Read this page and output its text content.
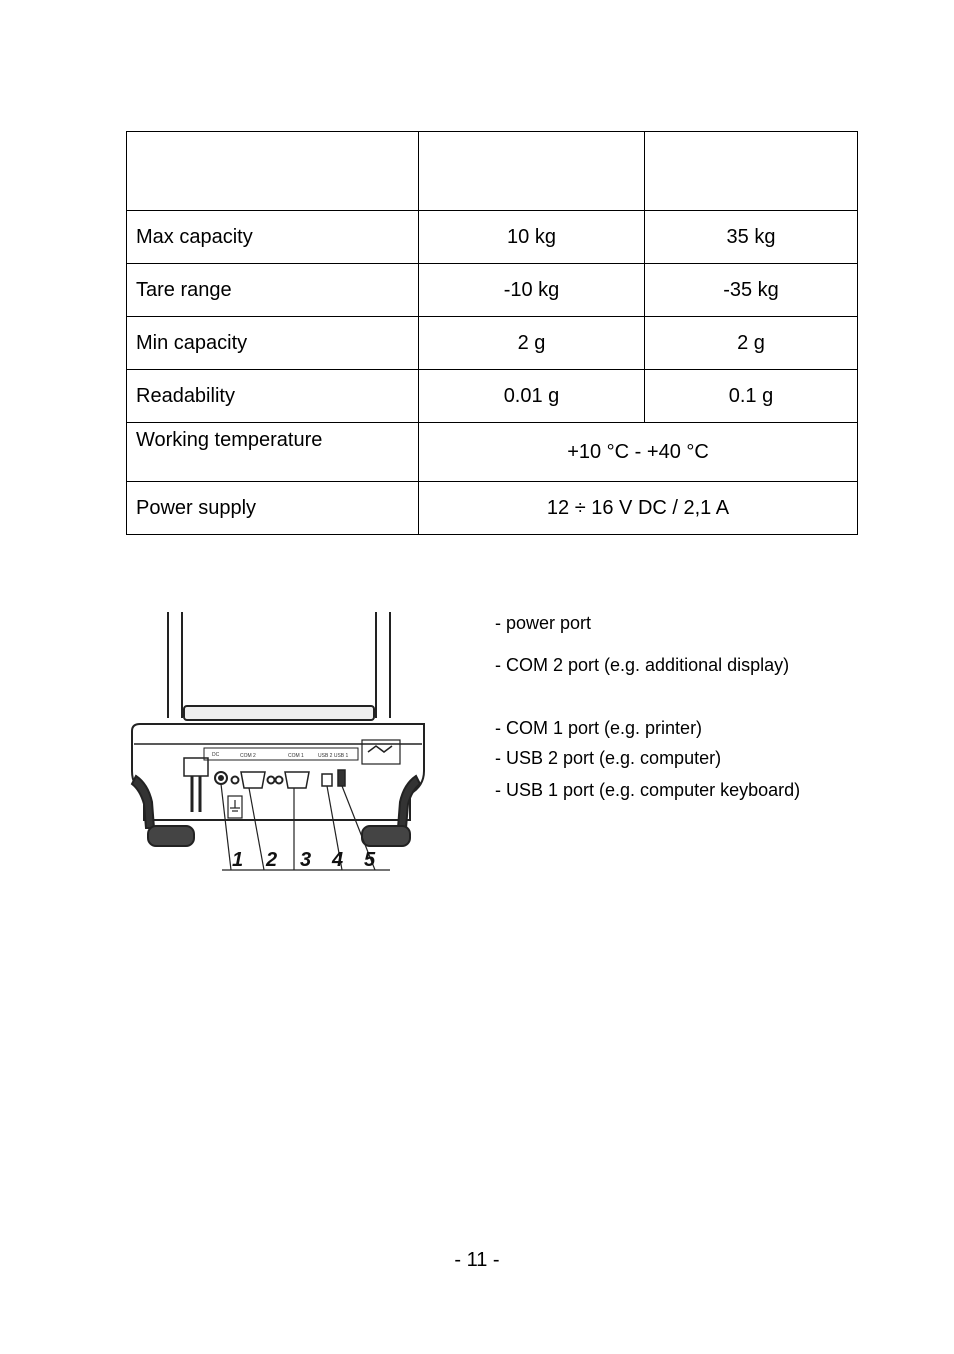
Max capacity	10 kg	35 kg
Tare range	-10 kg	-35 kg
Min capacity	2 g	2 g
Readability	0.01 g	0.1 g
Working temperature	+10 °C - +40 °C	
Power supply	12 ÷ 16 V DC / 2,1 A	
DC	COM 2	COM 1	USB 2 USB 1
1 2 3 4 5
- power port
- COM 2 port (e.g. additional display)
- COM 1 port (e.g. printer)
- USB 2 port (e.g. computer)
- USB 1 port (e.g. computer keyboard)
- 11 -
